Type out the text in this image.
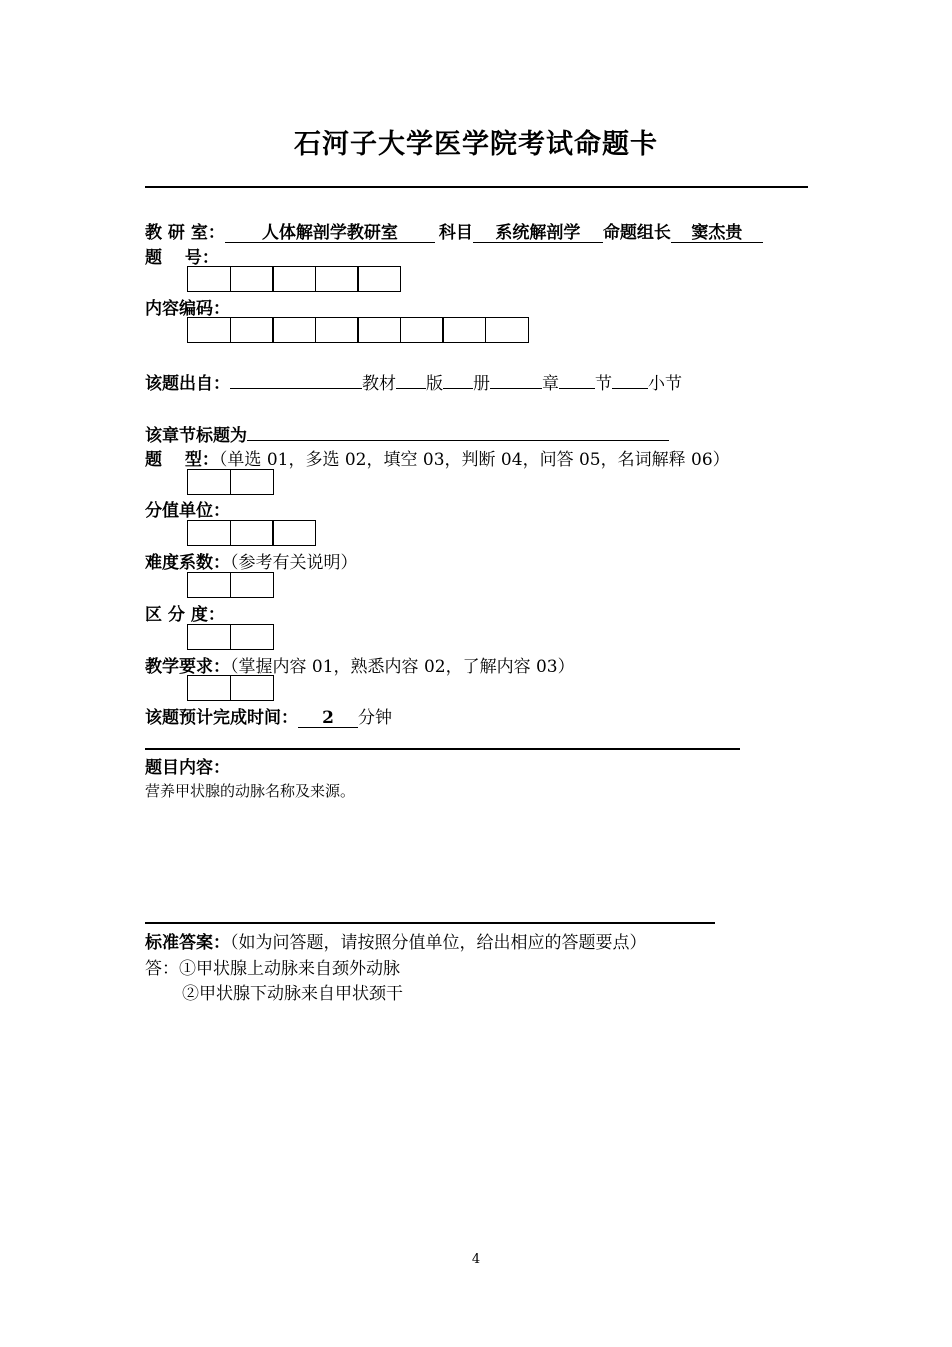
石河子大学医学院考试命题卡
教 研 室： 人体解剖学教研室 科目 系统解剖学 命题组长 窦杰贵
题　 号：
内容编码：
该题出自：	教材 版 册	章 节 小节
该章节标题为
题　 型：（单选 01，多选 02，填空 03，判断 04，问答 05，名词解释 06）
分值单位：
难度系数：（参考有关说明）
区 分 度：
教学要求：（掌握内容 01，熟悉内容 02，了解内容 03）
该题预计完成时间： 2 分钟
题目内容：
营养甲状腺的动脉名称及来源。
标准答案：（如为问答题，请按照分值单位，给出相应的答题要点）
答：①甲状腺上动脉来自颈外动脉
②甲状腺下动脉来自甲状颈干
4
